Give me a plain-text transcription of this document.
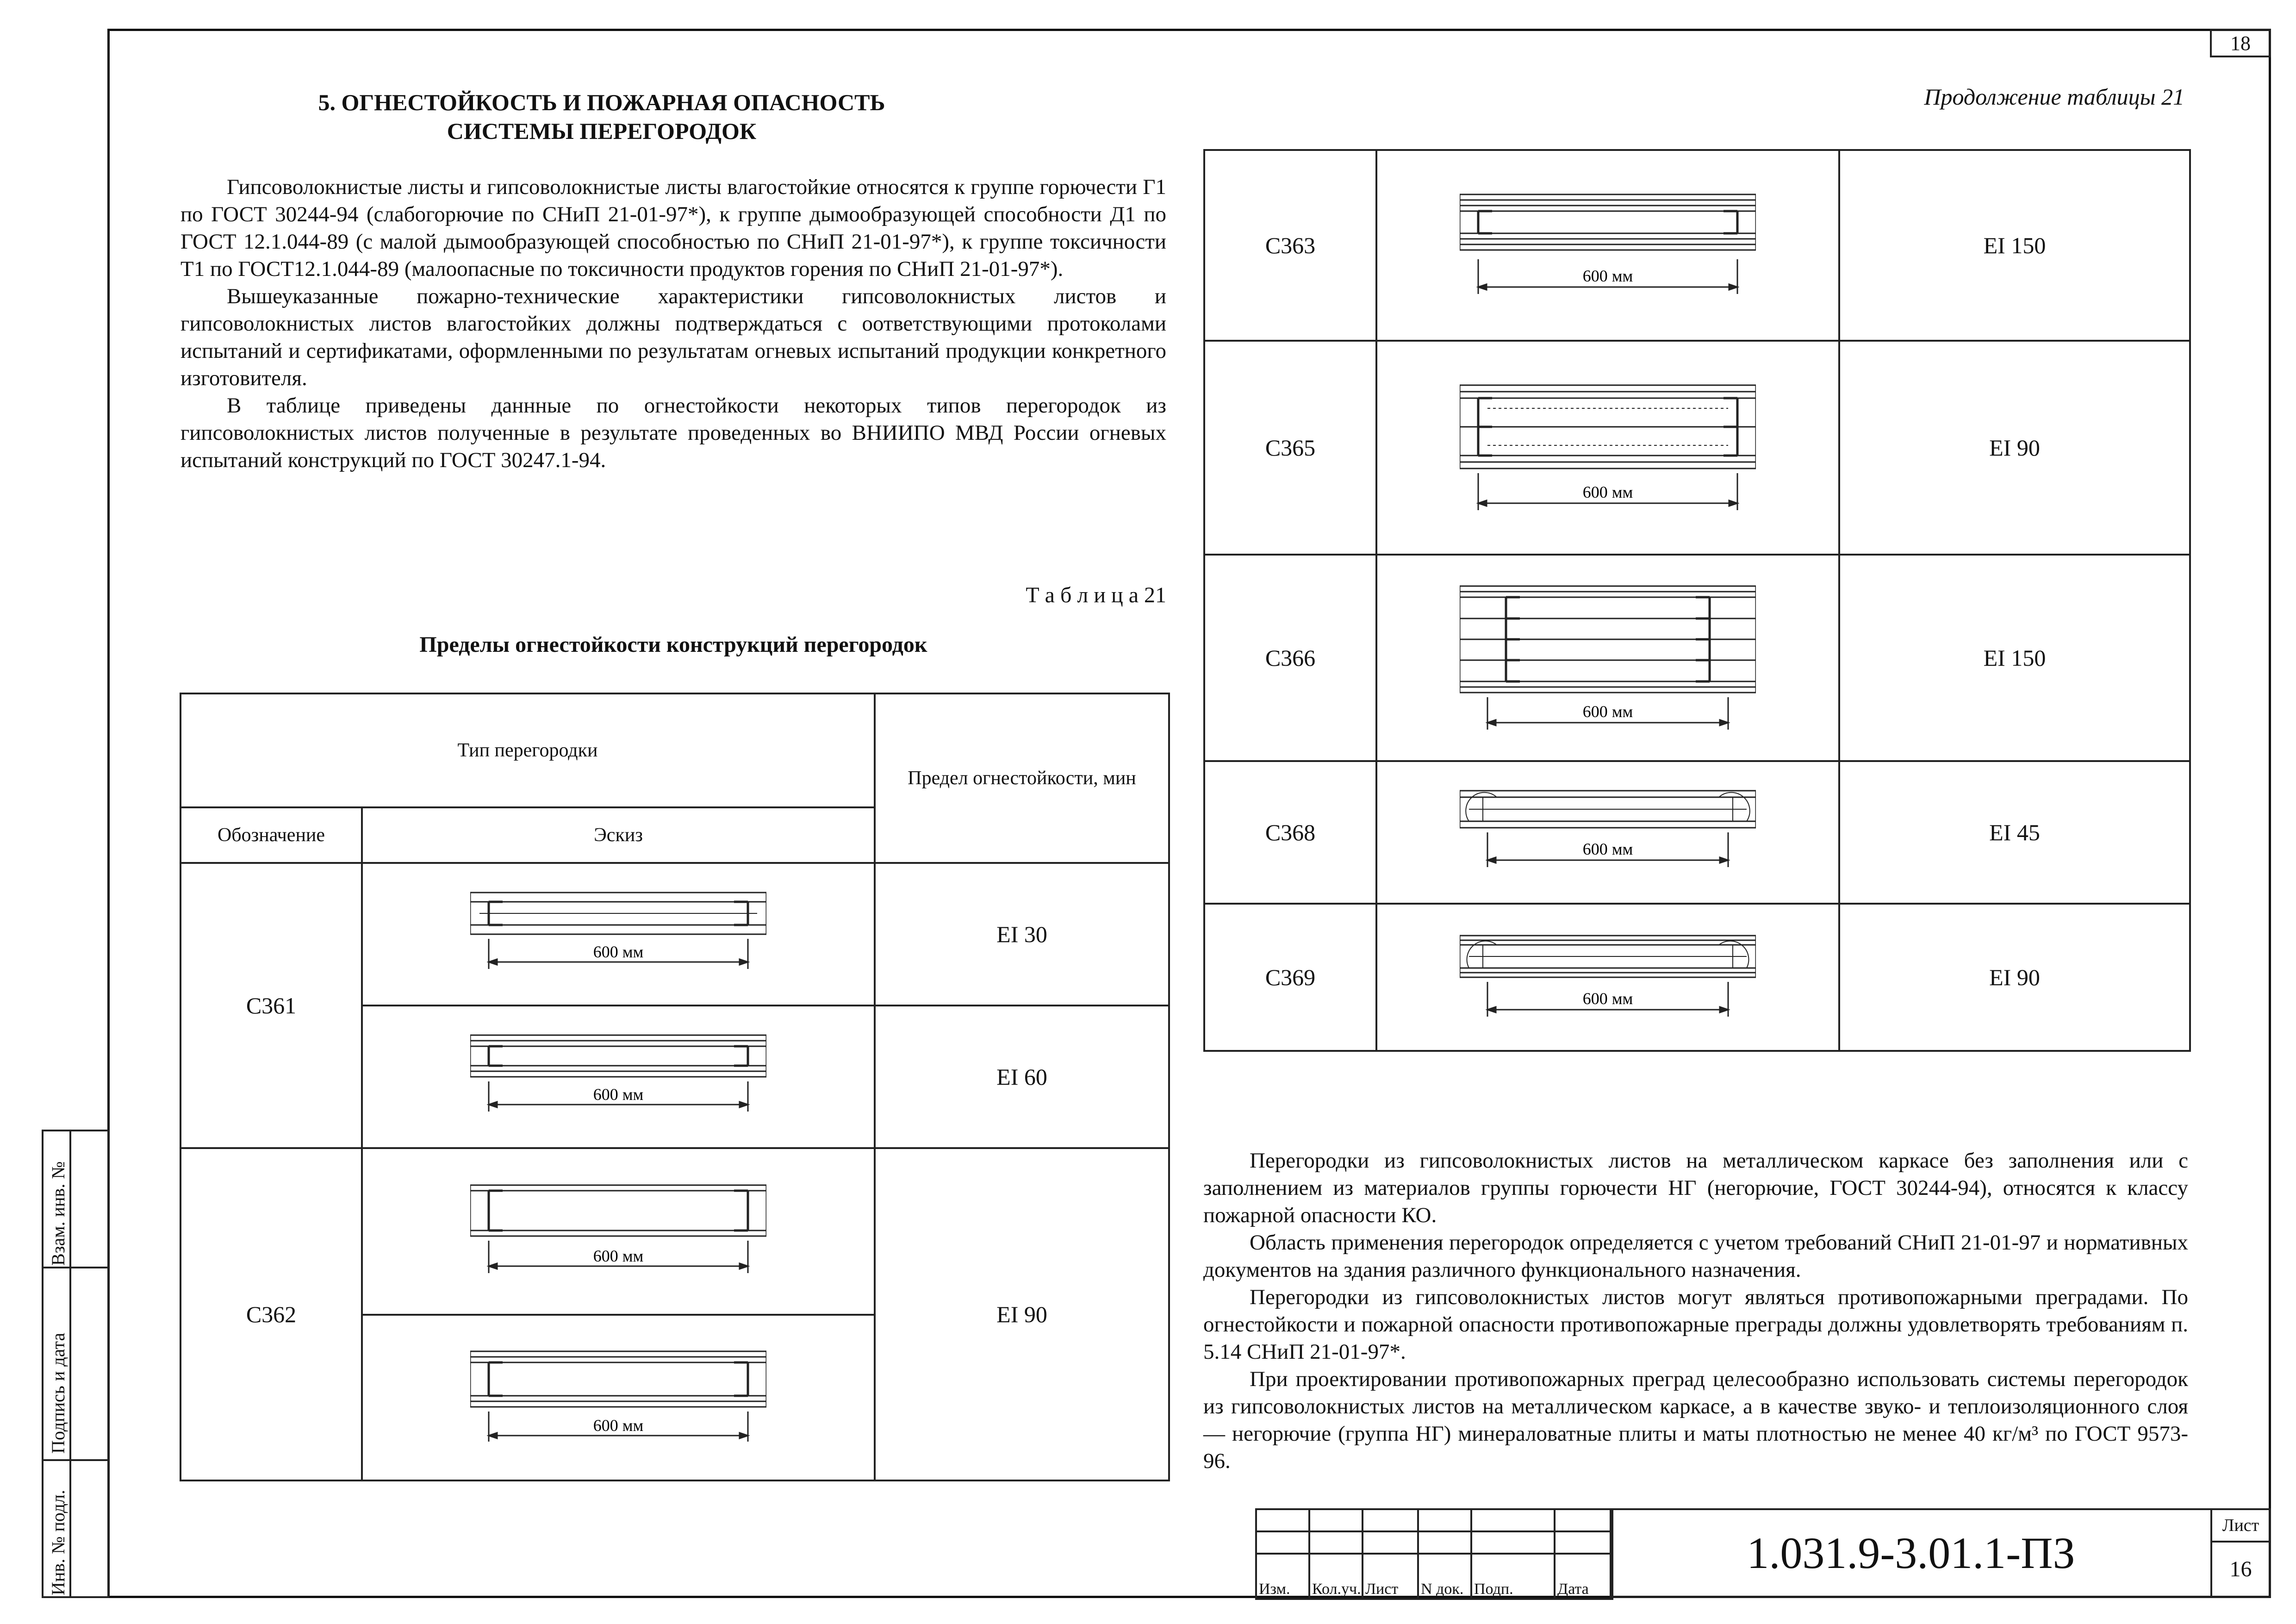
18
5. ОГНЕСТОЙКОСТЬ И ПОЖАРНАЯ ОПАСНОСТЬ
СИСТЕМЫ ПЕРЕГОРОДОК

Гипсоволокнистые листы и гипсоволокнистые листы влагостойкие относятся к группе горючести Г1 по ГОСТ 30244-94 (слабогорючие по СНиП 21-01-97*), к группе дымообразующей способности Д1 по ГОСТ 12.1.044-89 (с малой дымообразующей способностью по СНиП 21-01-97*), к группе токсичности Т1 по ГОСТ12.1.044-89 (малоопасные по токсичности продуктов горения по СНиП 21-01-97*).

Вышеуказанные пожарно-технические характеристики гипсоволокнистых листов и гипсоволокнистых листов влагостойких должны подтверждаться с оответствующими протоколами испытаний и сертификатами, оформленными по результатам огневых испытаний продукции конкретного изготовителя.

В таблице приведены даннные по огнестойкости некоторых типов перегородок из гипсоволокнистых листов полученные в результате проведенных во ВНИИПО МВД России огневых испытаний конструкций по ГОСТ 30247.1-94.

Т а б л и ц а 21
Пределы огнестойкости конструкций перегородок
Тип перегородки		Предел огнестойкости, мин
Обозначение	Эскиз	
С361	600 мм	EI 30

600 мм	EI 60
С362	600 мм	EI 90

600 мм	
Продолжение таблицы 21
С363	600 мм	EI 150
С365	600 мм	EI 90
С366	600 мм	EI 150
С368	600 мм	EI 45
С369	600 мм	EI 90

Перегородки из гипсоволокнистых листов на металлическом каркасе без заполнения или с заполнением из материалов группы горючести НГ (негорючие, ГОСТ 30244-94), относятся к классу пожарной опасности КО.

Область применения перегородок определяется с учетом требований СНиП 21-01-97 и нормативных документов на здания различного функционального назначения.

Перегородки из гипсоволокнистых листов могут являться противопожарными преградами. По огнестойкости и пожарной опасности противопожарные преграды должны удовлетворять требованиям п. 5.14 СНиП 21-01-97*.

При проектировании противопожарных преград целесообразно использовать системы перегородок из гипсоволокнистых листов на металлическом каркасе, а в качестве звуко- и теплоизоляционного слоя — негорючие (группа НГ) минераловатные плиты и маты плотностью не менее 40 кг/м³ по ГОСТ 9573-96.

Взам. инв. №
Подпись и дата
Инв. № подл.

						Изм.	Кол.уч.	Лист	N док.	Подп.	Дата
1.031.9-3.01.1-ПЗ
Лист
16
